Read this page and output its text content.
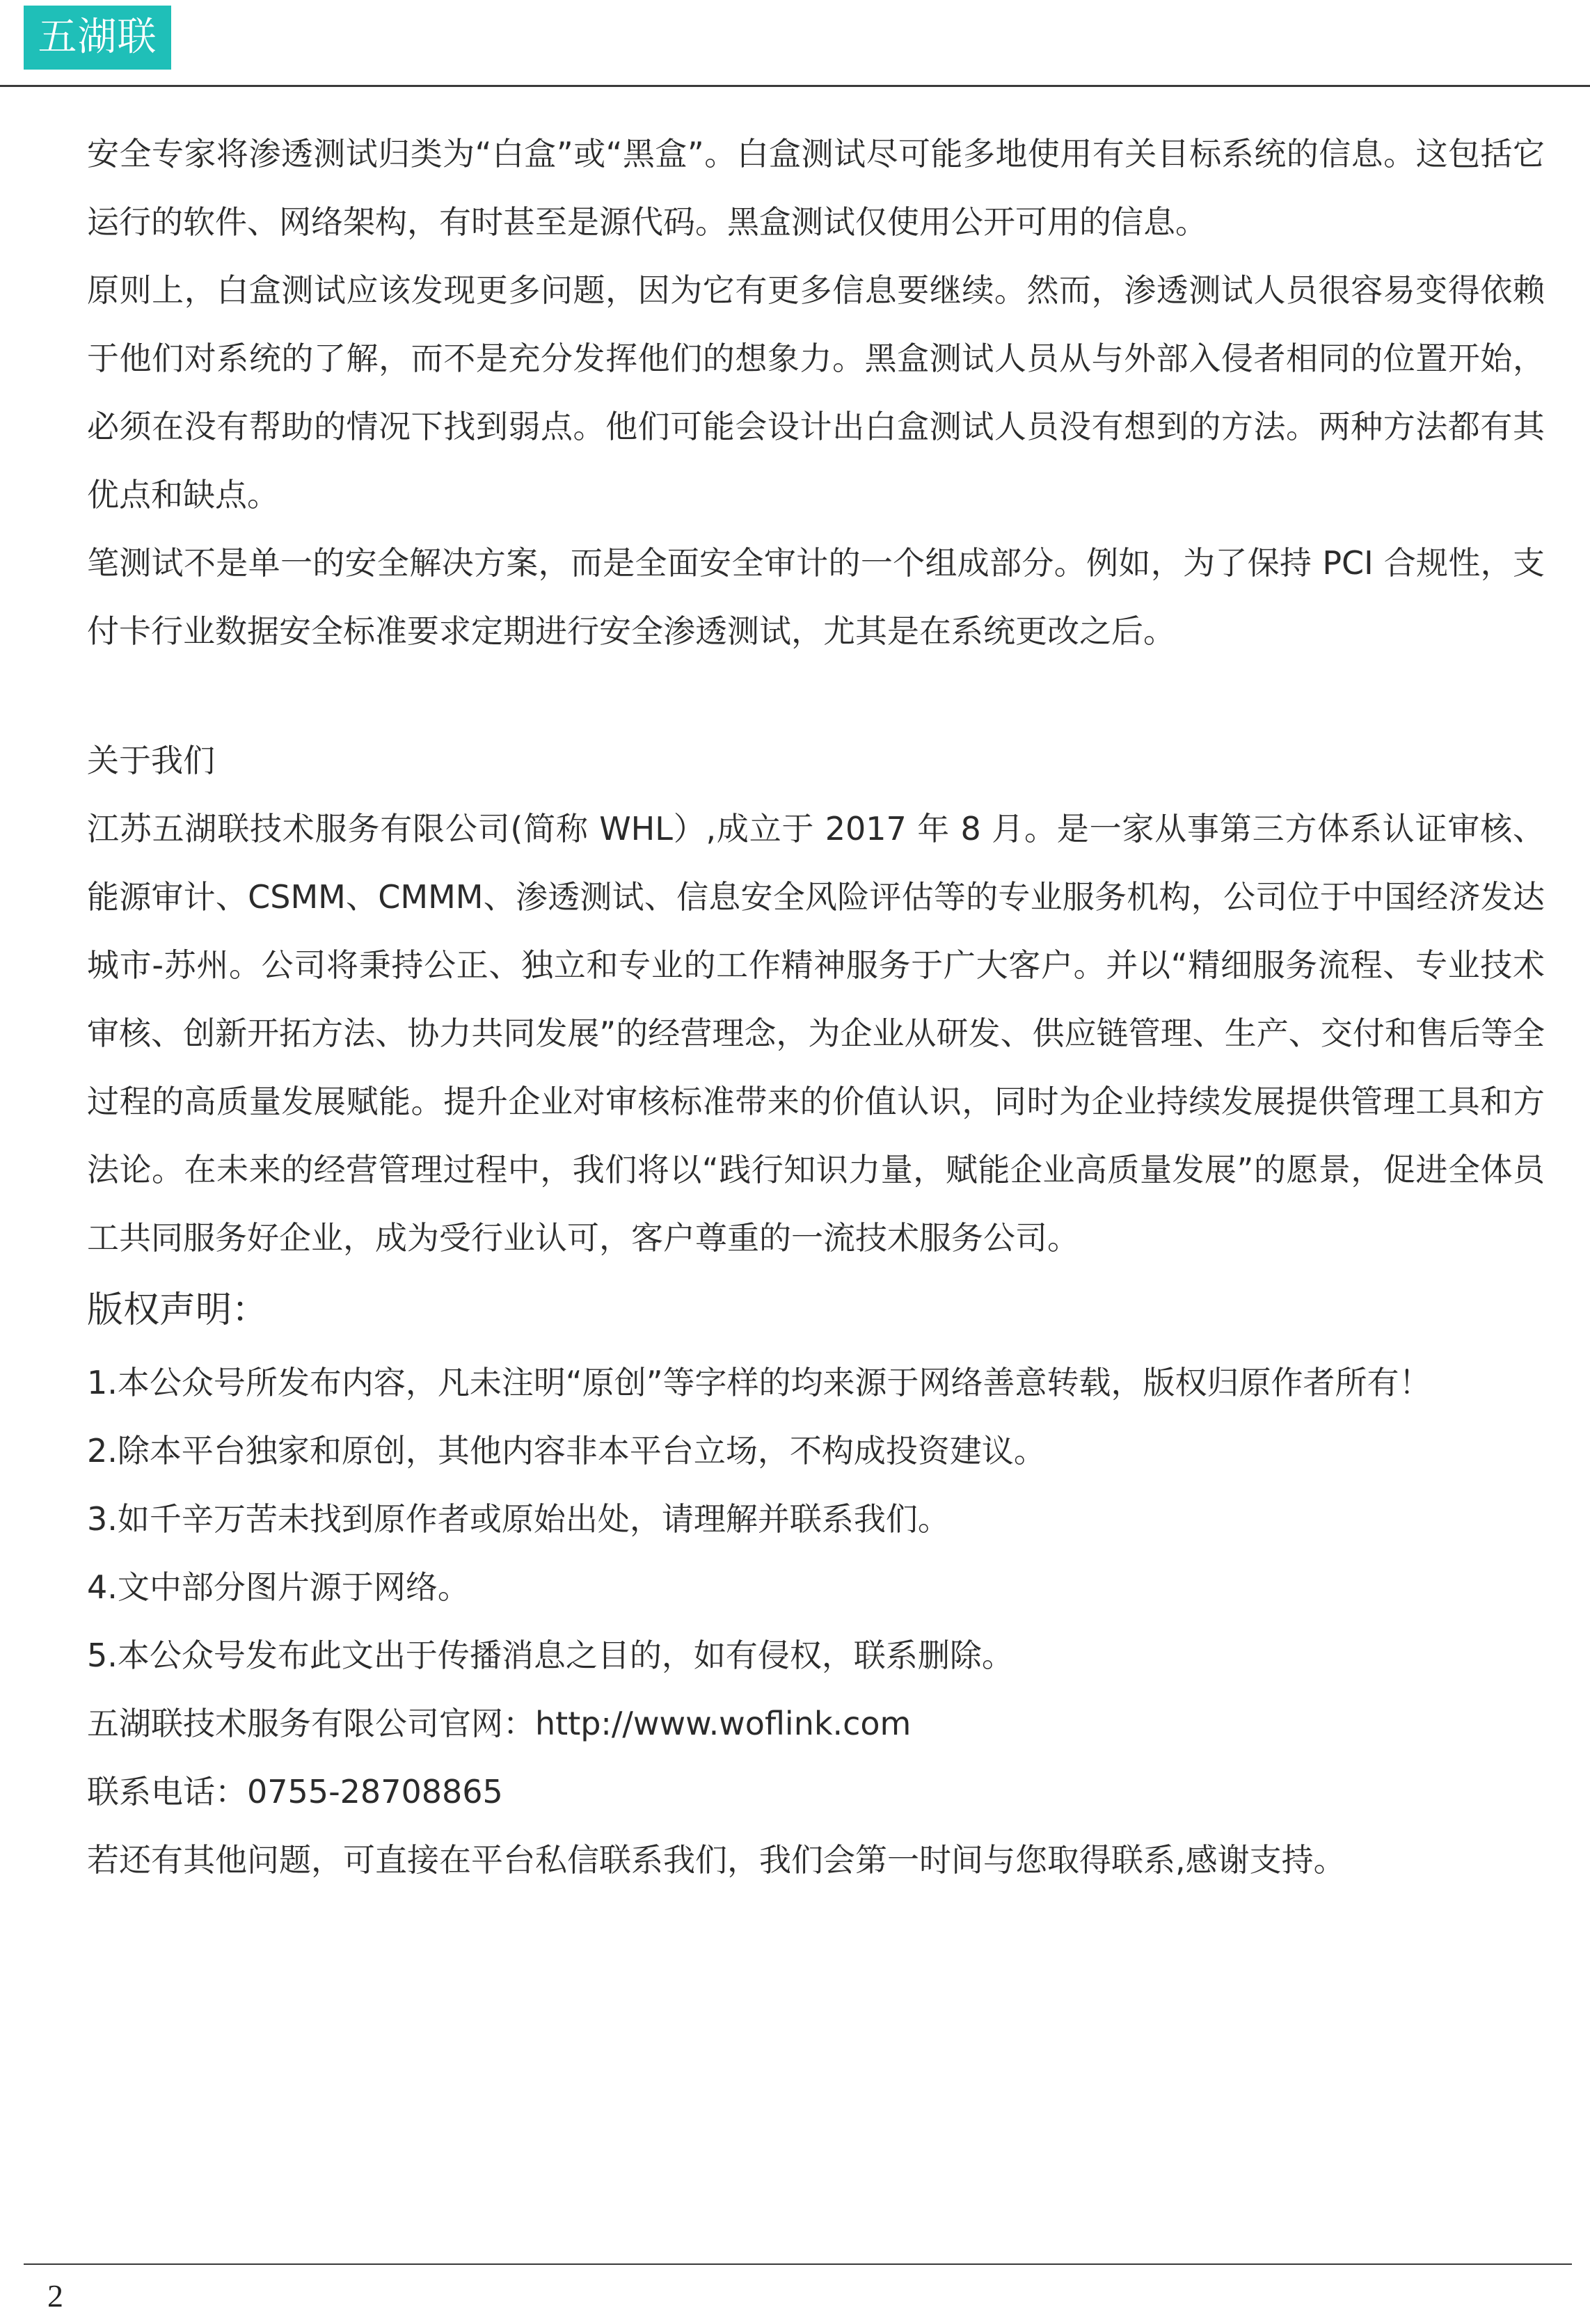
五湖联

安全专家将渗透测试归类为“白盒”或“黑盒”。白盒测试尽可能多地使用有关目标系统的信息。这包括它运行的软件、网络架构，有时甚至是源代码。黑盒测试仅使用公开可用的信息。

原则上，白盒测试应该发现更多问题，因为它有更多信息要继续。然而，渗透测试人员很容易变得依赖于他们对系统的了解，而不是充分发挥他们的想象力。黑盒测试人员从与外部入侵者相同的位置开始，必须在没有帮助的情况下找到弱点。他们可能会设计出白盒测试人员没有想到的方法。两种方法都有其优点和缺点。

笔测试不是单一的安全解决方案，而是全面安全审计的一个组成部分。例如，为了保持 PCI 合规性，支付卡行业数据安全标准要求定期进行安全渗透测试，尤其是在系统更改之后。

关于我们

江苏五湖联技术服务有限公司(简称 WHL）,成立于 2017 年 8 月。是一家从事第三方体系认证审核、能源审计、CSMM、CMMM、渗透测试、信息安全风险评估等的专业服务机构，公司位于中国经济发达城市-苏州。公司将秉持公正、独立和专业的工作精神服务于广大客户。并以“精细服务流程、专业技术审核、创新开拓方法、协力共同发展”的经营理念，为企业从研发、供应链管理、生产、交付和售后等全过程的高质量发展赋能。提升企业对审核标准带来的价值认识，同时为企业持续发展提供管理工具和方法论。在未来的经营管理过程中，我们将以“践行知识力量，赋能企业高质量发展”的愿景，促进全体员工共同服务好企业，成为受行业认可，客户尊重的一流技术服务公司。

版权声明：

1.本公众号所发布内容，凡未注明“原创”等字样的均来源于网络善意转载，版权归原作者所有！

2.除本平台独家和原创，其他内容非本平台立场，不构成投资建议。

3.如千辛万苦未找到原作者或原始出处，请理解并联系我们。

4.文中部分图片源于网络。

5.本公众号发布此文出于传播消息之目的，如有侵权，联系删除。

五湖联技术服务有限公司官网：http://www.woflink.com

联系电话：0755-28708865

若还有其他问题，可直接在平台私信联系我们，我们会第一时间与您取得联系,感谢支持。

2
